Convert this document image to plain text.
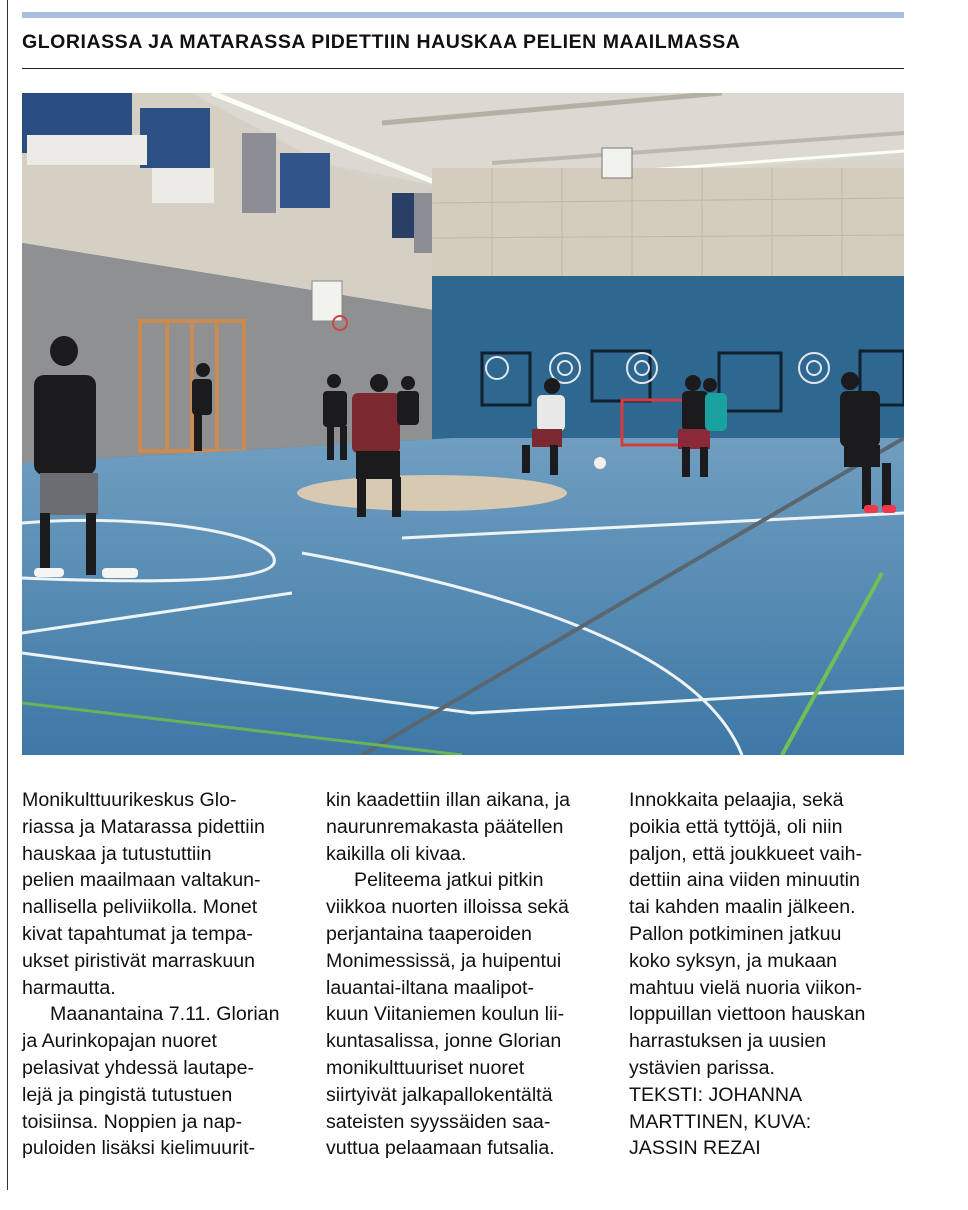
GLORIASSA JA MATARASSA PIDETTIIN HAUSKAA PELIEN MAAILMASSA

Monikulttuurikeskus Glo-
riassa ja Matarassa pidettiin
hauskaa ja tutustuttiin
pelien maailmaan valtakun-
nallisella peliviikolla. Monet
kivat tapahtumat ja tempa-
ukset piristivät marraskuun
harmautta.

Maanantaina 7.11. Glorian
ja Aurinkopajan nuoret
pelasivat yhdessä lautape-
lejä ja pingistä tutustuen
toisiinsa. Noppien ja nap-
puloiden lisäksi kielimuurit-

kin kaadettiin illan aikana, ja
naurunremakasta päätellen
kaikilla oli kivaa.

Peliteema jatkui pitkin
viikkoa nuorten illoissa sekä
perjantaina taaperoiden
Monimessissä, ja huipentui
lauantai-iltana maalipot-
kuun Viitaniemen koulun lii-
kuntasalissa, jonne Glorian
monikulttuuriset nuoret
siirtyivät jalkapallokentältä
sateisten syyssäiden saa-
vuttua pelaamaan futsalia.

Innokkaita pelaajia, sekä
poikia että tyttöjä, oli niin
paljon, että joukkueet vaih-
dettiin aina viiden minuutin
tai kahden maalin jälkeen.
Pallon potkiminen jatkuu
koko syksyn, ja mukaan
mahtuu vielä nuoria viikon-
loppuillan viettoon hauskan
harrastuksen ja uusien
ystävien parissa.

TEKSTI: JOHANNA
MARTTINEN, KUVA:
JASSIN REZAI
